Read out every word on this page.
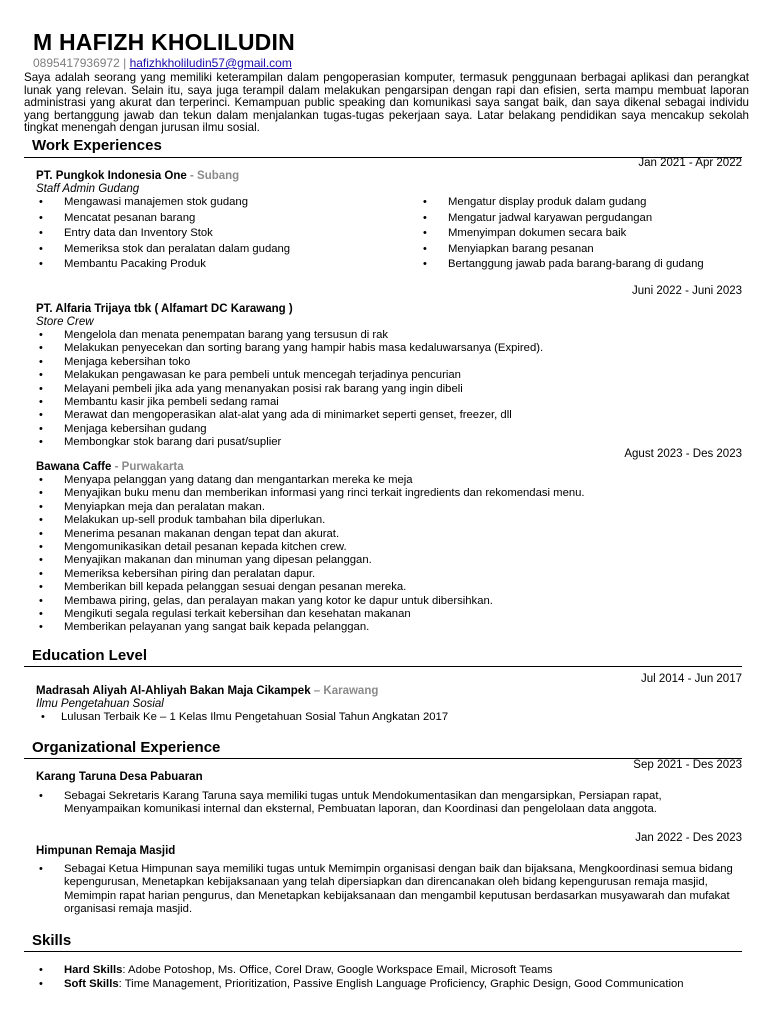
M HAFIZH KHOLILUDIN
0895417936972 | hafizhkholiludin57@gmail.com

Saya adalah seorang yang memiliki keterampilan dalam pengoperasian komputer, termasuk penggunaan berbagai aplikasi dan perangkat lunak yang relevan. Selain itu, saya juga terampil dalam melakukan pengarsipan dengan rapi dan efisien, serta mampu membuat laporan administrasi yang akurat dan terperinci. Kemampuan public speaking dan komunikasi saya sangat baik, dan saya dikenal sebagai individu yang bertanggung jawab dan tekun dalam menjalankan tugas-tugas pekerjaan saya. Latar belakang pendidikan saya mencakup sekolah tingkat menengah dengan jurusan ilmu sosial.

Work Experiences
Jan 2021 - Apr 2022
PT. Pungkok Indonesia One - Subang
Staff Admin Gudang
• Mengawasi manajemen stok gudang
• Mencatat pesanan barang
• Entry data dan Inventory Stok
• Memeriksa stok dan peralatan dalam gudang
• Membantu Pacaking Produk
• Mengatur display produk dalam gudang
• Mengatur jadwal karyawan pergudangan
• Mmenyimpan dokumen secara baik
• Menyiapkan barang pesanan
• Bertanggung jawab pada barang-barang di gudang
Juni 2022 - Juni 2023
PT. Alfaria Trijaya tbk ( Alfamart DC Karawang )
Store Crew
• Mengelola dan menata penempatan barang yang tersusun di rak
• Melakukan penyecekan dan sorting barang yang hampir habis masa kedaluwarsanya (Expired).
• Menjaga kebersihan toko
• Melakukan pengawasan ke para pembeli untuk mencegah terjadinya pencurian
• Melayani pembeli jika ada yang menanyakan posisi rak barang yang ingin dibeli
• Membantu kasir jika pembeli sedang ramai
• Merawat dan mengoperasikan alat-alat yang ada di minimarket seperti genset, freezer, dll
• Menjaga kebersihan gudang
• Membongkar stok barang dari pusat/suplier
Agust 2023 - Des 2023
Bawana Caffe - Purwakarta
• Menyapa pelanggan yang datang dan mengantarkan mereka ke meja
• Menyajikan buku menu dan memberikan informasi yang rinci terkait ingredients dan rekomendasi menu.
• Menyiapkan meja dan peralatan makan.
• Melakukan up-sell produk tambahan bila diperlukan.
• Menerima pesanan makanan dengan tepat dan akurat.
• Mengomunikasikan detail pesanan kepada kitchen crew.
• Menyajikan makanan dan minuman yang dipesan pelanggan.
• Memeriksa kebersihan piring dan peralatan dapur.
• Memberikan bill kepada pelanggan sesuai dengan pesanan mereka.
• Membawa piring, gelas, dan peralayan makan yang kotor ke dapur untuk dibersihkan.
• Mengikuti segala regulasi terkait kebersihan dan kesehatan makanan
• Memberikan pelayanan yang sangat baik kepada pelanggan.
Education Level
Jul 2014 - Jun 2017
Madrasah Aliyah Al-Ahliyah Bakan Maja Cikampek – Karawang
Ilmu Pengetahuan Sosial
• Lulusan Terbaik Ke – 1 Kelas Ilmu Pengetahuan Sosial Tahun Angkatan 2017
Organizational Experience
Sep 2021 - Des 2023
Karang Taruna Desa Pabuaran
• Sebagai Sekretaris Karang Taruna saya memiliki tugas untuk Mendokumentasikan dan mengarsipkan, Persiapan rapat, Menyampaikan komunikasi internal dan eksternal, Pembuatan laporan, dan Koordinasi dan pengelolaan data anggota.
Jan 2022 - Des 2023
Himpunan Remaja Masjid
• Sebagai Ketua Himpunan saya memiliki tugas untuk Memimpin organisasi dengan baik dan bijaksana, Mengkoordinasi semua bidang kepengurusan, Menetapkan kebijaksanaan yang telah dipersiapkan dan direncanakan oleh bidang kepengurusan remaja masjid, Memimpin rapat harian pengurus, dan Menetapkan kebijaksanaan dan mengambil keputusan berdasarkan musyawarah dan mufakat organisasi remaja masjid.
Skills
• Hard Skills: Adobe Potoshop, Ms. Office, Corel Draw, Google Workspace Email, Microsoft Teams
• Soft Skills: Time Management, Prioritization, Passive English Language Proficiency, Graphic Design, Good Communication
